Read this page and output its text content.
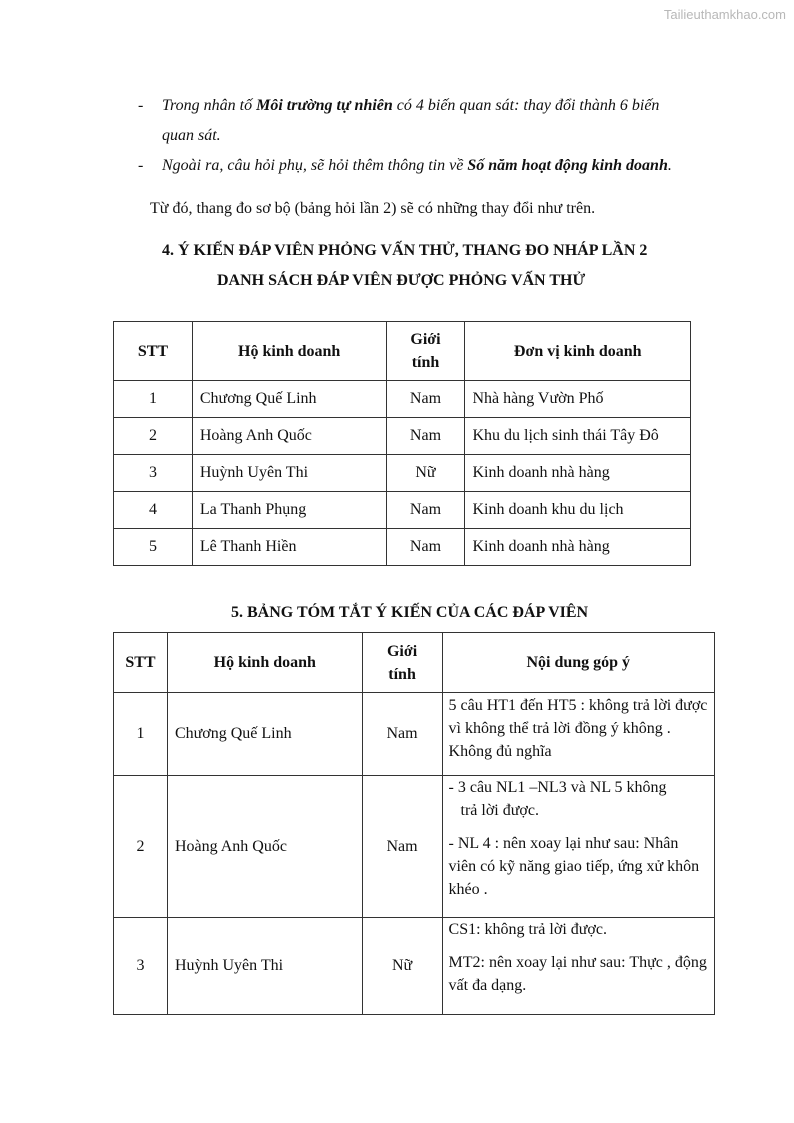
Tailieuthamkhao.com
- Trong nhân tố Môi trường tự nhiên có 4 biến quan sát: thay đổi thành 6 biến
quan sát.
- Ngoài ra, câu hỏi phụ, sẽ hỏi thêm thông tin về Số năm hoạt động kinh doanh.
Từ đó, thang đo sơ bộ (bảng hỏi lần 2) sẽ có những thay đổi như trên.
4. Ý KIẾN ĐÁP VIÊN PHỎNG VẤN THỬ, THANG ĐO NHÁP LẦN 2
DANH SÁCH ĐÁP VIÊN ĐƯỢC PHỎNG VẤN THỬ
STT	Hộ kinh doanh	Giới tính	Đơn vị kinh doanh
1	Chương Quế Linh	Nam	Nhà hàng Vườn Phố
2	Hoàng Anh Quốc	Nam	Khu du lịch sinh thái Tây Đô
3	Huỳnh Uyên Thi	Nữ	Kinh doanh nhà hàng
4	La Thanh Phụng	Nam	Kinh doanh khu du lịch
5	Lê Thanh Hiền	Nam	Kinh doanh nhà hàng
5. BẢNG TÓM TẮT Ý KIẾN CỦA CÁC ĐÁP VIÊN
STT	Hộ kinh doanh	Giới tính	Nội dung góp ý
1	Chương Quế Linh	Nam	5 câu HT1 đến HT5 : không trả lời được vì không thể trả lời đồng ý không . Không đủ nghĩa

2	Hoàng Anh Quốc	Nam	- 3 câu NL1 –NL3 và NL 5 không

trả lời được.

- NL 4 : nên xoay lại như sau: Nhân viên có kỹ năng giao tiếp, ứng xử khôn khéo .

3	Huỳnh Uyên Thi	Nữ	CS1: không trả lời được.

MT2: nên xoay lại như sau: Thực , động vất đa dạng.
